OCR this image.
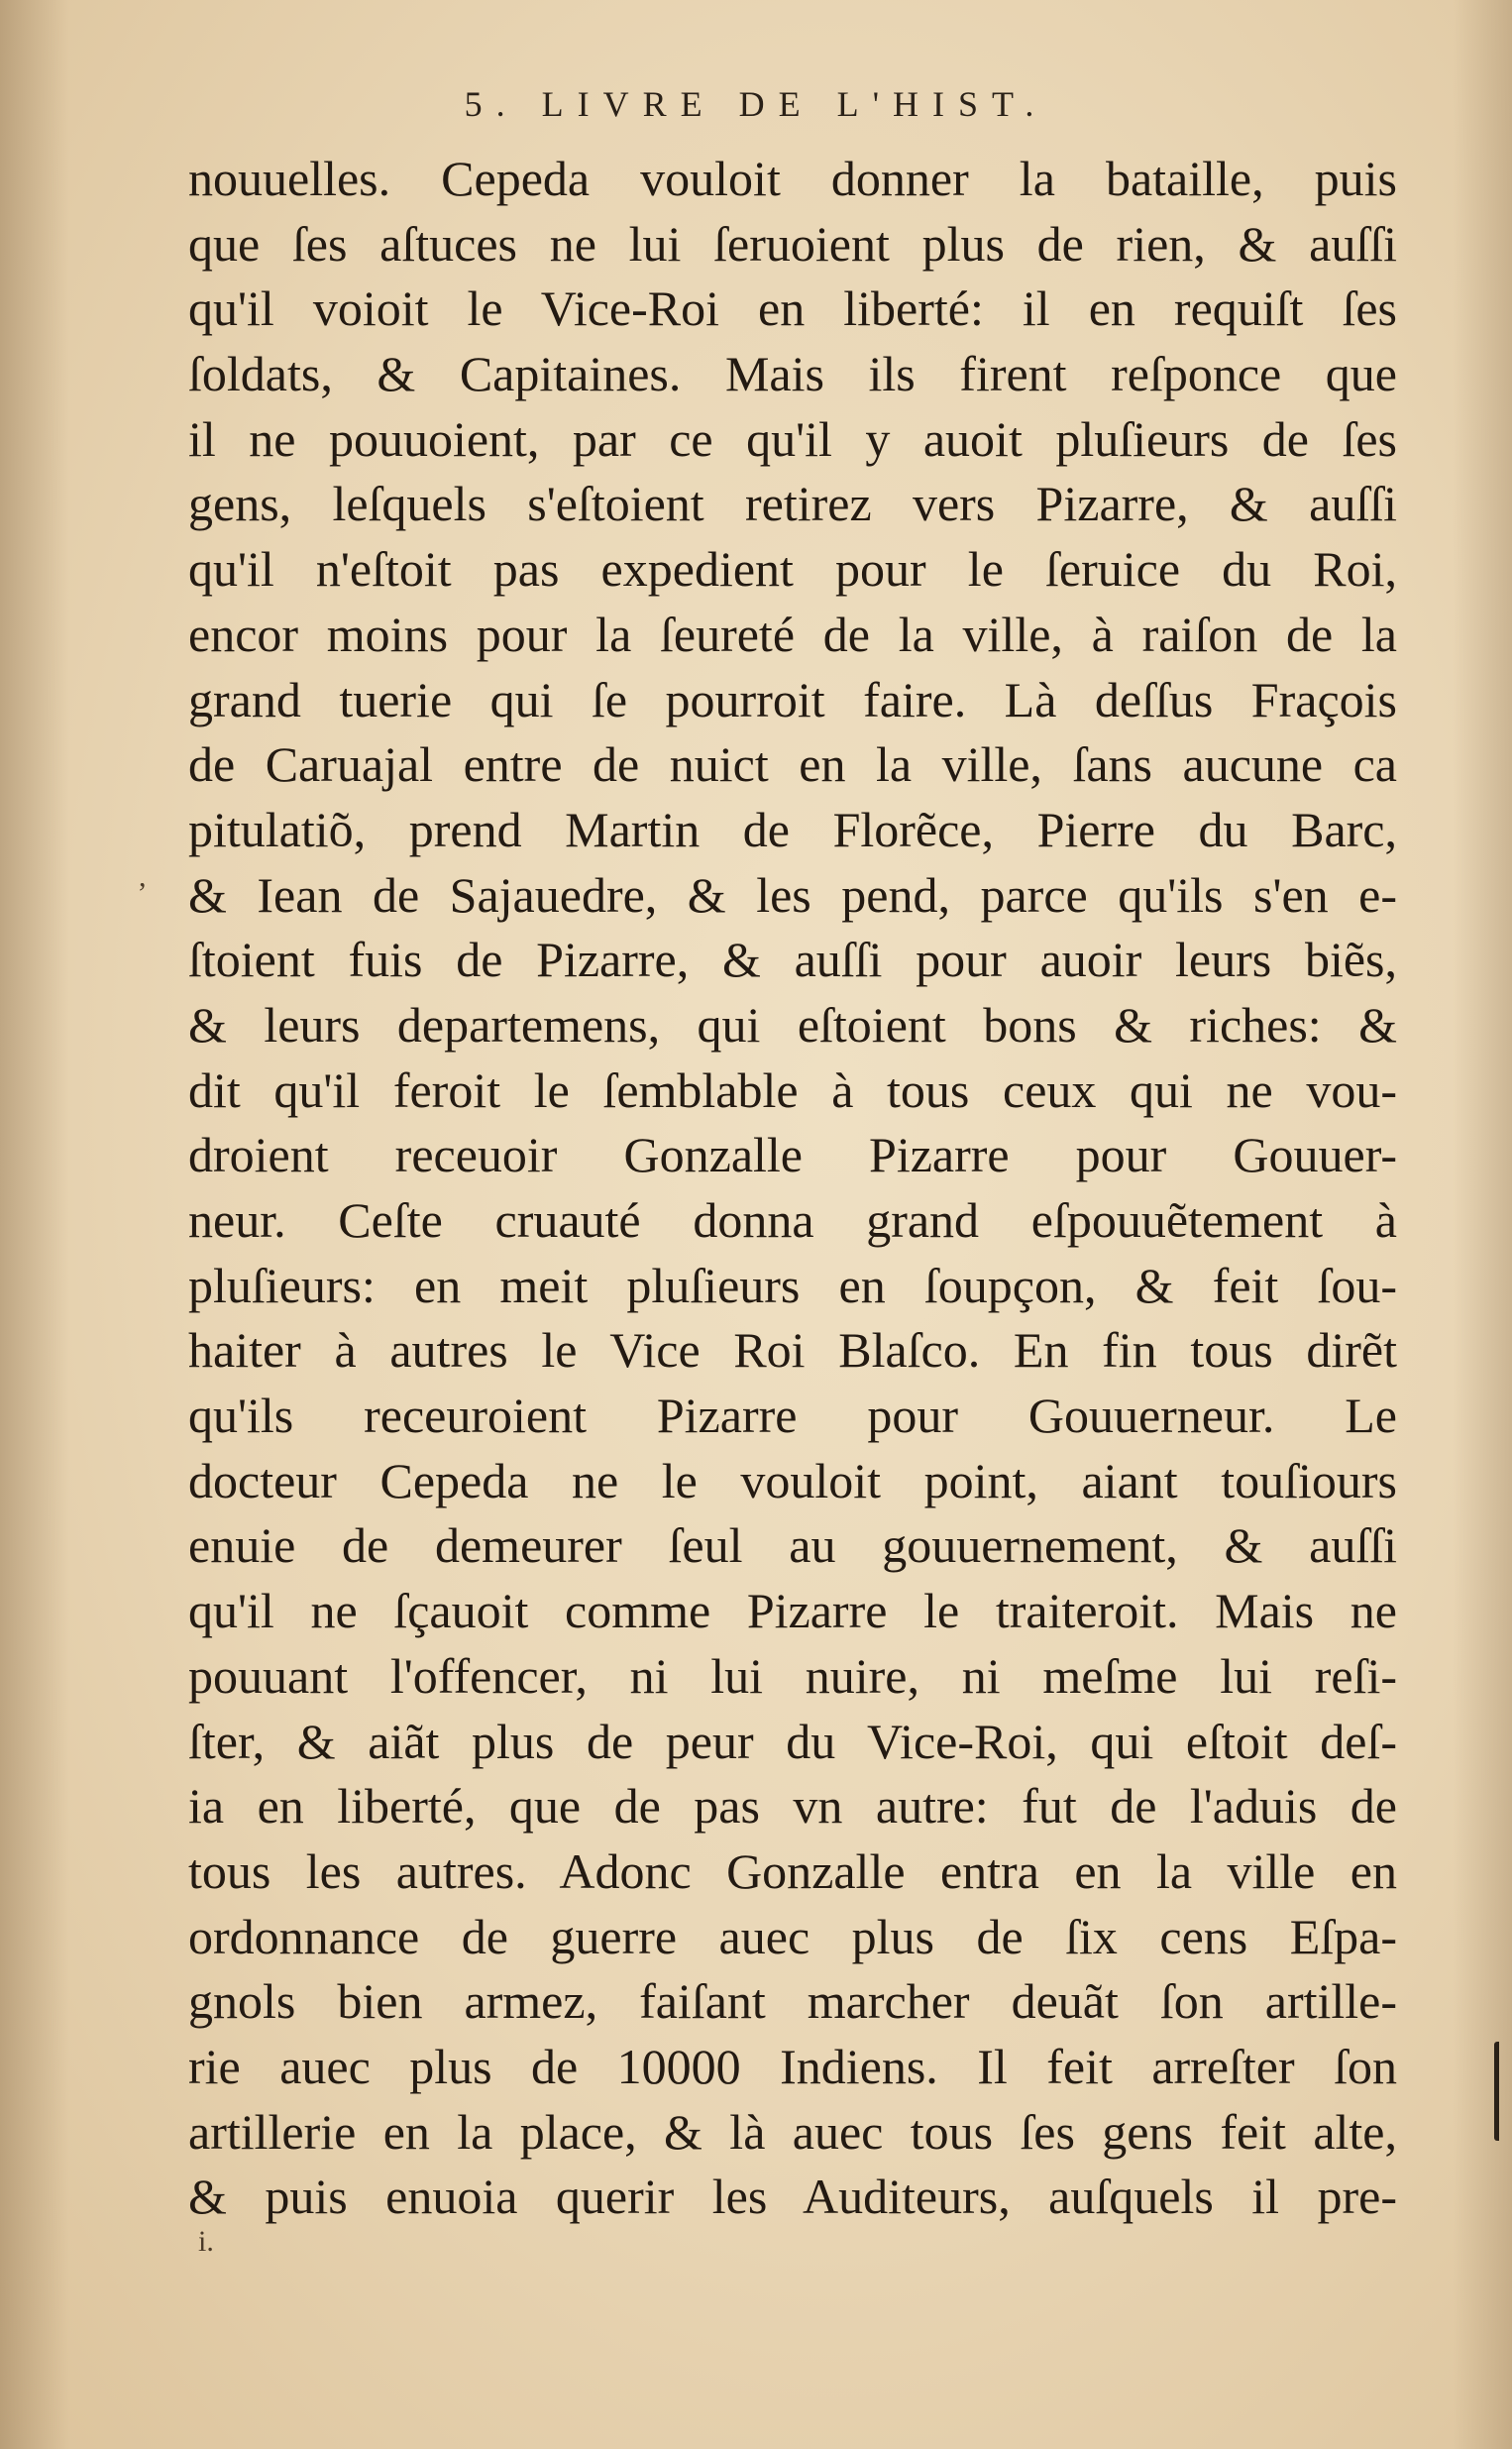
5. LIVRE DE L'HIST.
,
nouuelles. Cepeda vouloit donner la bataille, puis
que ſes aſtuces ne lui ſeruoient plus de rien, & auſſi
qu'il voioit le Vice-Roi en liberté: il en requiſt ſes
ſoldats, & Capitaines. Mais ils firent reſponce que
il ne pouuoient, par ce qu'il y auoit pluſieurs de ſes
gens, leſquels s'eſtoient retirez vers Pizarre, & auſſi
qu'il n'eſtoit pas expedient pour le ſeruice du Roi,
encor moins pour la ſeureté de la ville, à raiſon de la
grand tuerie qui ſe pourroit faire. Là deſſus Fraçois
de Caruajal entre de nuict en la ville, ſans aucune ca
pitulatiõ, prend Martin de Florẽce, Pierre du Barc,
& Iean de Sajauedre, & les pend, parce qu'ils s'en e-
ſtoient fuis de Pizarre, & auſſi pour auoir leurs biẽs,
& leurs departemens, qui eſtoient bons & riches: &
dit qu'il feroit le ſemblable à tous ceux qui ne vou-
droient receuoir Gonzalle Pizarre pour Gouuer-
neur. Ceſte cruauté donna grand eſpouuẽtement à
pluſieurs: en meit pluſieurs en ſoupçon, & feit ſou-
haiter à autres le Vice Roi Blaſco. En fin tous dirẽt
qu'ils receuroient Pizarre pour Gouuerneur. Le
docteur Cepeda ne le vouloit point, aiant touſiours
enuie de demeurer ſeul au gouuernement, & auſſi
qu'il ne ſçauoit comme Pizarre le traiteroit. Mais ne
pouuant l'offencer, ni lui nuire, ni meſme lui reſi-
ſter, & aiãt plus de peur du Vice-Roi, qui eſtoit deſ-
ia en liberté, que de pas vn autre: fut de l'aduis de
tous les autres. Adonc Gonzalle entra en la ville en
ordonnance de guerre auec plus de ſix cens Eſpa-
gnols bien armez, faiſant marcher deuãt ſon artille-
rie auec plus de 10000 Indiens. Il feit arreſter ſon
artillerie en la place, & là auec tous ſes gens feit alte,
& puis enuoia querir les Auditeurs, auſquels il pre-
i.
